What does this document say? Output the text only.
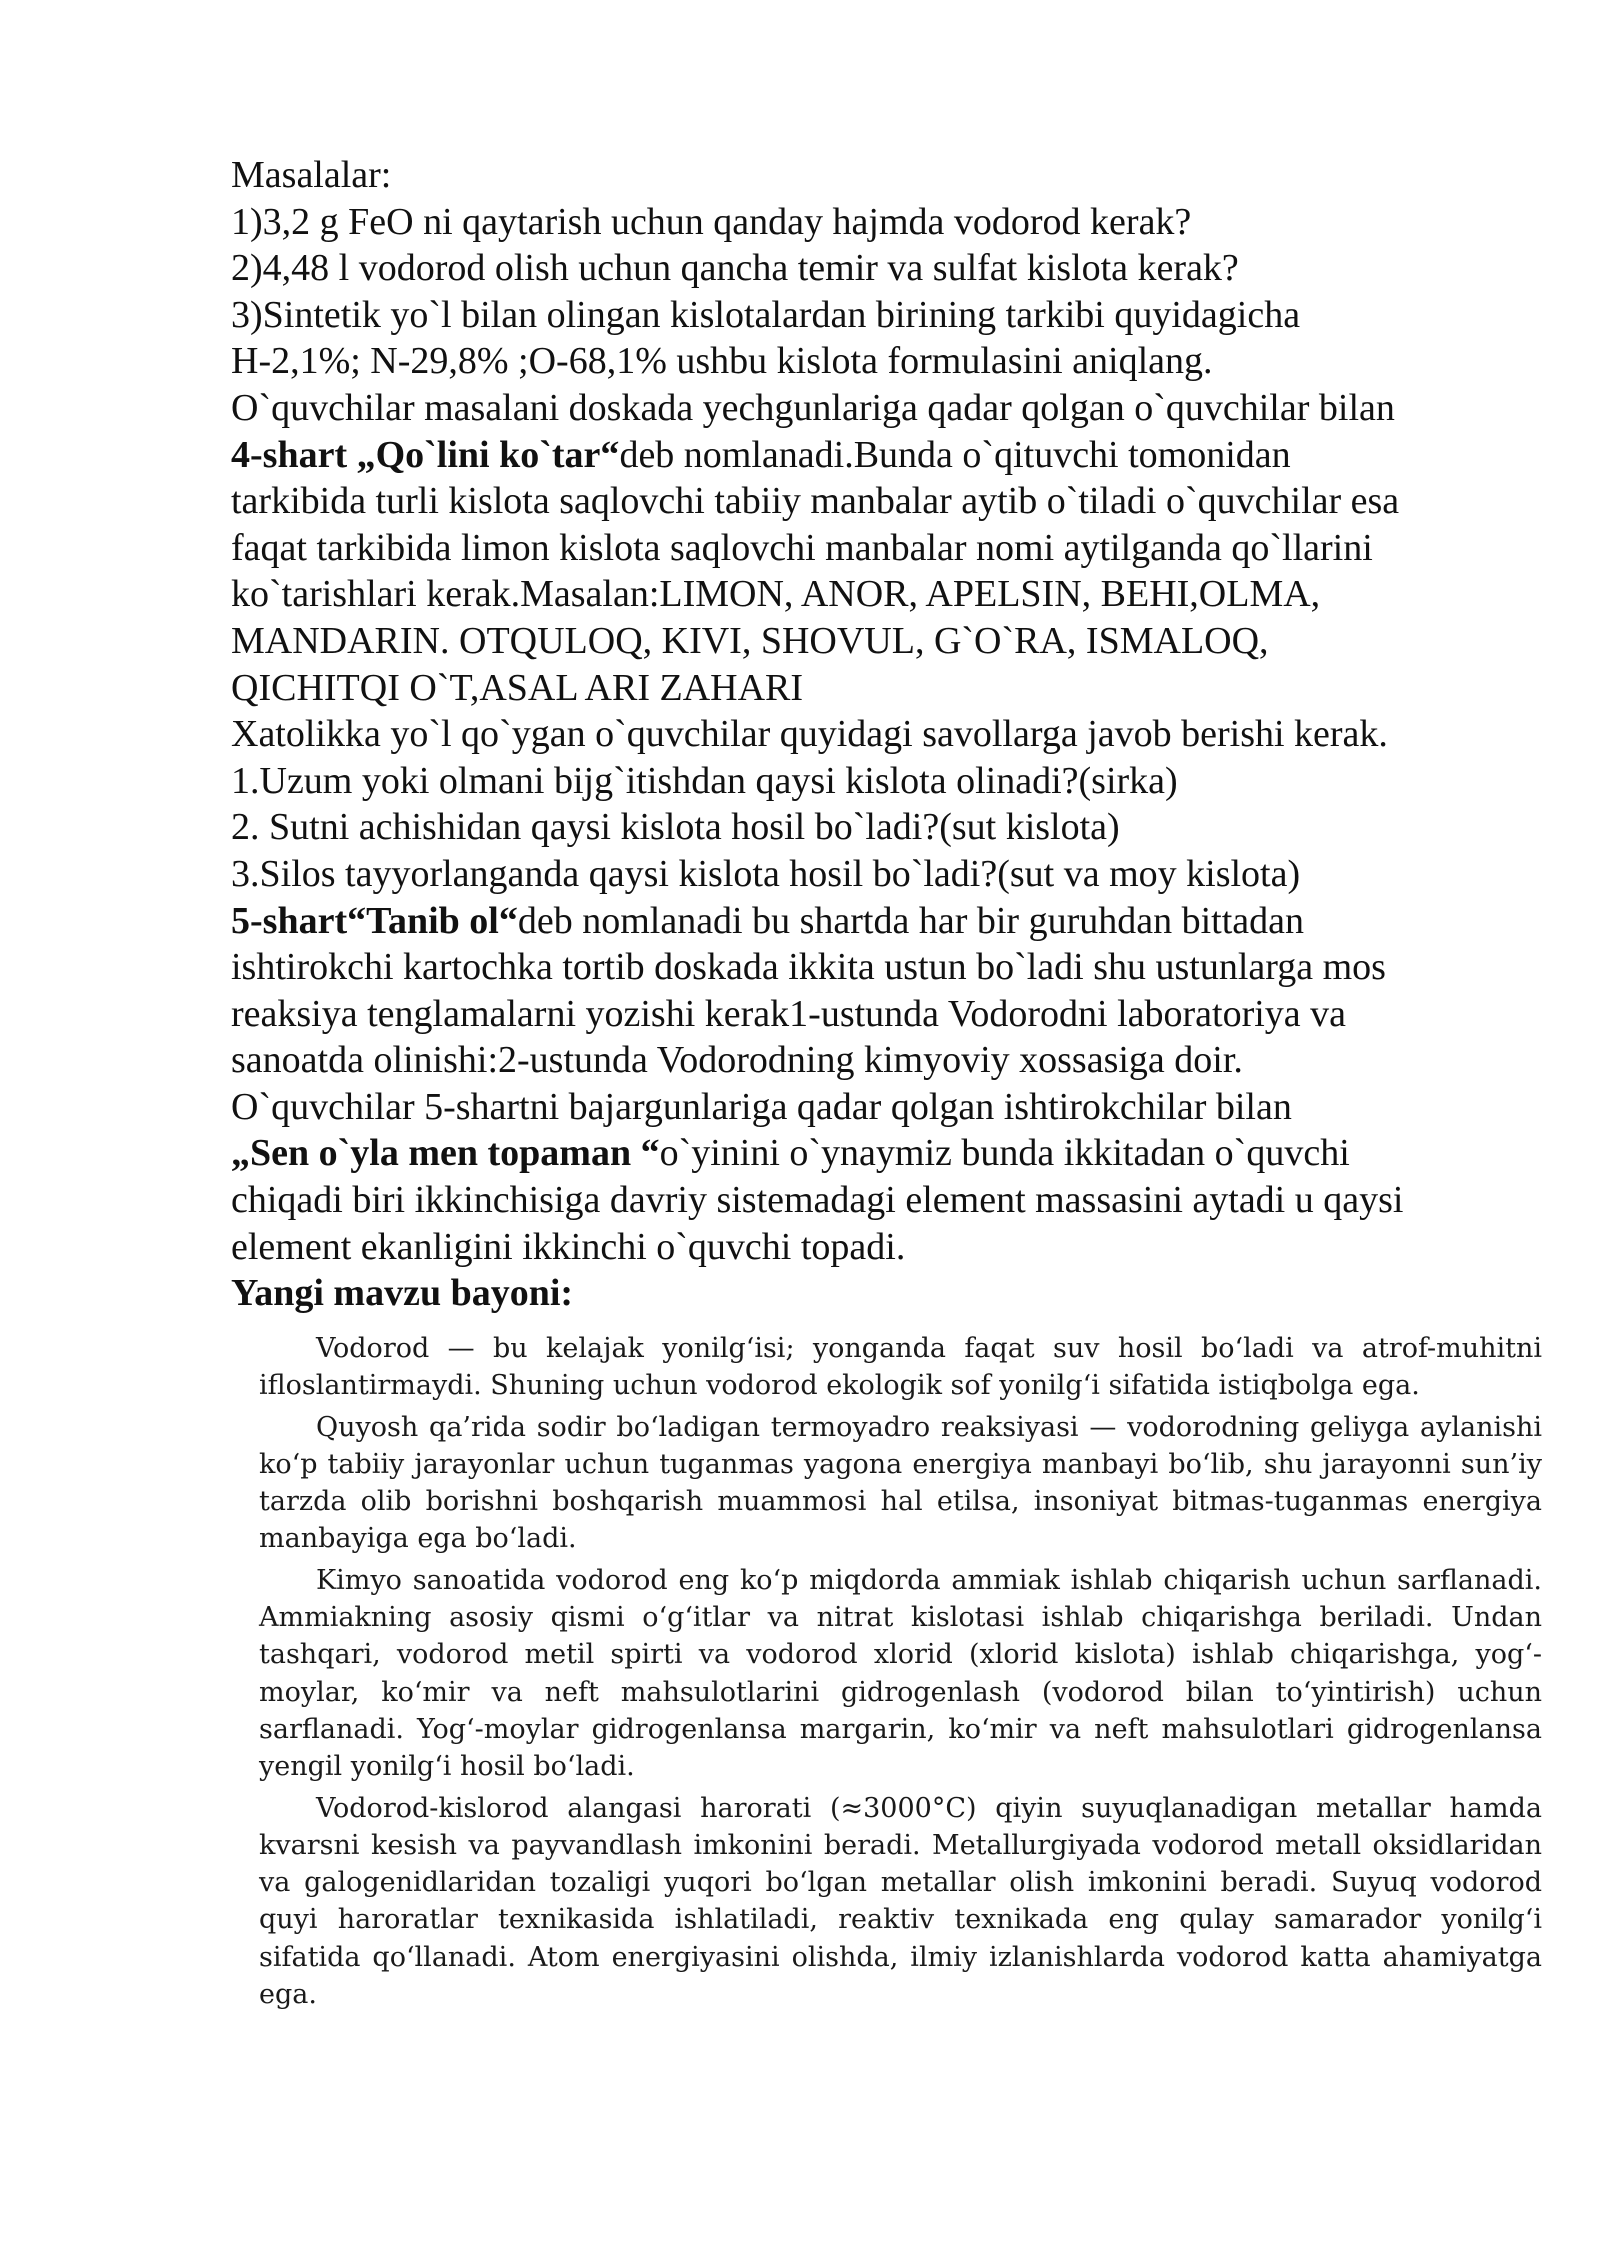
Masalalar:
1)3,2 g FeO ni qaytarish uchun qanday hajmda vodorod kerak?
2)4,48 l vodorod olish uchun qancha temir va sulfat kislota kerak?
3)Sintetik yo`l bilan olingan kislotalardan birining tarkibi quyidagicha
H-2,1%; N-29,8% ;O-68,1% ushbu kislota formulasini aniqlang.
O`quvchilar masalani doskada yechgunlariga qadar qolgan o`quvchilar bilan
4-shart „Qo`lini ko`tar“deb nomlanadi.Bunda o`qituvchi tomonidan
tarkibida turli kislota saqlovchi tabiiy manbalar aytib o`tiladi o`quvchilar esa
faqat tarkibida limon kislota saqlovchi manbalar nomi aytilganda qo`llarini
ko`tarishlari kerak.Masalan:LIMON, ANOR, APELSIN, BEHI,OLMA,
MANDARIN. OTQULOQ, KIVI, SHOVUL, G`O`RA, ISMALOQ,
QICHITQI O`T,ASAL ARI ZAHARI
Xatolikka yo`l qo`ygan o`quvchilar quyidagi savollarga javob berishi kerak.
1.Uzum yoki olmani bijg`itishdan qaysi kislota olinadi?(sirka)
2. Sutni achishidan qaysi kislota hosil bo`ladi?(sut kislota)
3.Silos tayyorlanganda qaysi kislota hosil bo`ladi?(sut va moy kislota)
5-shart“Tanib ol“deb nomlanadi bu shartda har bir guruhdan bittadan
ishtirokchi kartochka tortib doskada ikkita ustun bo`ladi shu ustunlarga mos
reaksiya tenglamalarni yozishi kerak1-ustunda Vodorodni laboratoriya va
sanoatda olinishi:2-ustunda Vodorodning kimyoviy xossasiga doir.
O`quvchilar 5-shartni bajargunlariga qadar qolgan ishtirokchilar bilan
„Sen o`yla men topaman “o`yinini o`ynaymiz bunda ikkitadan o`quvchi
chiqadi biri ikkinchisiga davriy sistemadagi element massasini aytadi u qaysi
element ekanligini ikkinchi o`quvchi topadi.
Yangi mavzu bayoni:

Vodorod — bu kelajak yonilg‘isi; yonganda faqat suv hosil bo‘ladi va atrof-muhitni ifloslantirmaydi. Shuning uchun vodorod ekologik sof yonilg‘i sifatida istiqbolga ega.

Quyosh qa’rida sodir bo‘ladigan termoyadro reaksiyasi — vodorodning geliyga aylanishi ko‘p tabiiy jarayonlar uchun tuganmas yagona energiya manbayi bo‘lib, shu jarayonni sun’iy tarzda olib borishni boshqarish muammosi hal etilsa, insoniyat bitmas-tuganmas energiya manbayiga ega bo‘ladi.

Kimyo sanoatida vodorod eng ko‘p miqdorda ammiak ishlab chiqarish uchun sarflanadi. Ammiakning asosiy qismi o‘g‘itlar va nitrat kislotasi ishlab chiqarishga beriladi. Undan tashqari, vodorod metil spirti va vodorod xlorid (xlorid kislota) ishlab chiqarishga, yog‘-moylar, ko‘mir va neft mahsulotlarini gidrogenlash (vodorod bilan to‘yintirish) uchun sarflanadi. Yog‘-moylar gidrogenlansa margarin, ko‘mir va neft mahsulotlari gidrogenlansa yengil yonilg‘i hosil bo‘ladi.

Vodorod-kislorod alangasi harorati (≈3000°C) qiyin suyuqlanadigan metallar hamda kvarsni kesish va payvandlash imkonini beradi. Metallurgiyada vodorod metall oksidlaridan va galogenidlaridan tozaligi yuqori bo‘lgan metallar olish imkonini beradi. Suyuq vodorod quyi haroratlar texnikasida ishlatiladi, reaktiv texnikada eng qulay samarador yonilg‘i sifatida qo‘llanadi. Atom energiyasini olishda, ilmiy izlanishlarda vodorod katta ahamiyatga ega.
